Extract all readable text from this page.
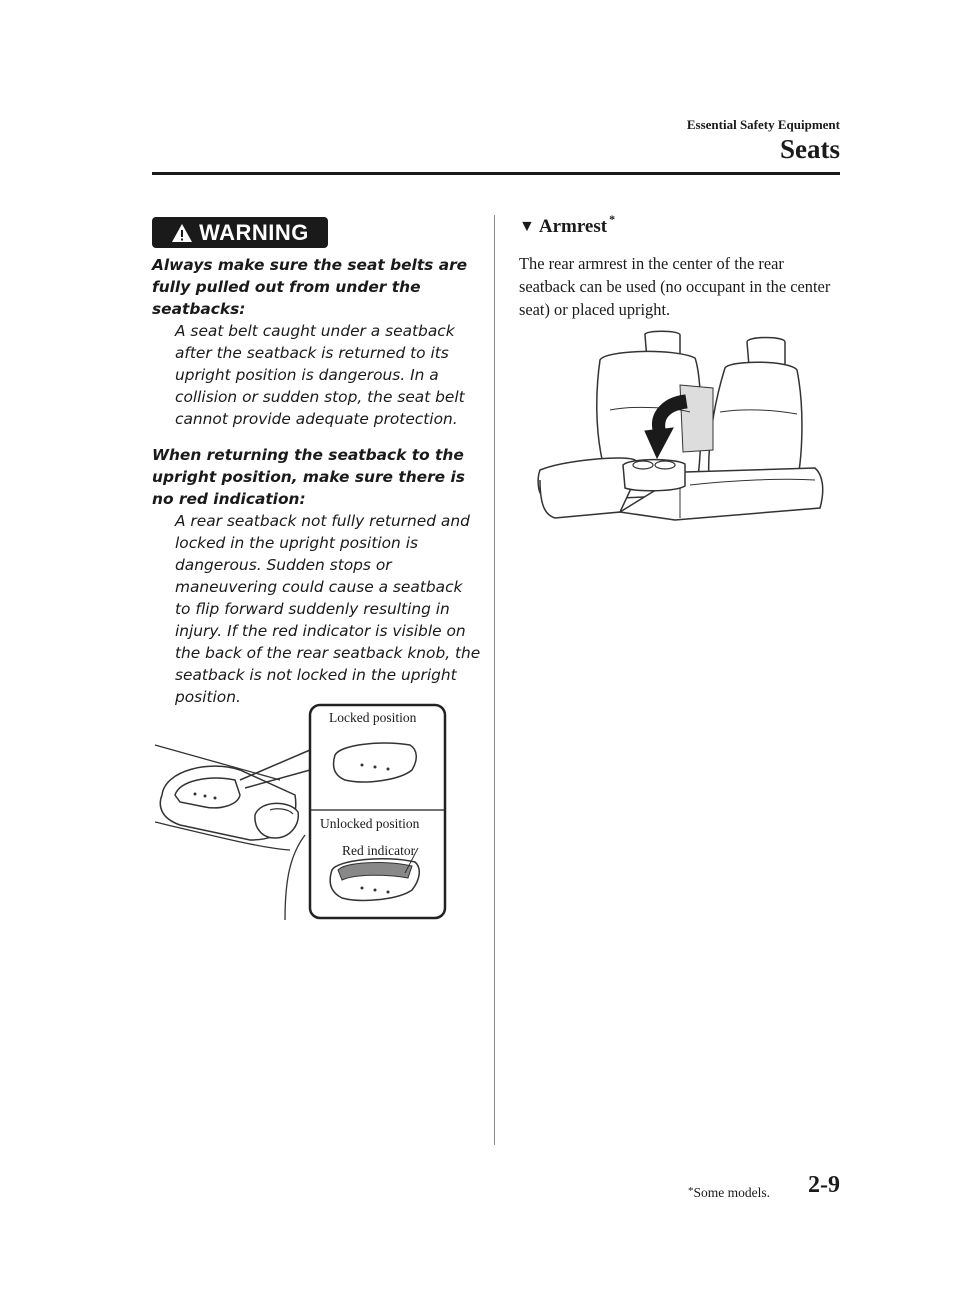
Essential Safety Equipment
Seats
WARNING

Always make sure the seat belts are fully pulled out from under the seatbacks:

A seat belt caught under a seatback after the seatback is returned to its upright position is dangerous. In a collision or sudden stop, the seat belt cannot provide adequate protection.

When returning the seatback to the upright position, make sure there is no red indication:

A rear seatback not fully returned and locked in the upright position is dangerous. Sudden stops or maneuvering could cause a seatback to flip forward suddenly resulting in injury. If the red indicator is visible on the back of the rear seatback knob, the seatback is not locked in the upright position.

Locked position
Unlocked position
Red indicator
▼ Armrest *

The rear armrest in the center of the rear seatback can be used (no occupant in the center seat) or placed upright.

*Some models. 2-9
